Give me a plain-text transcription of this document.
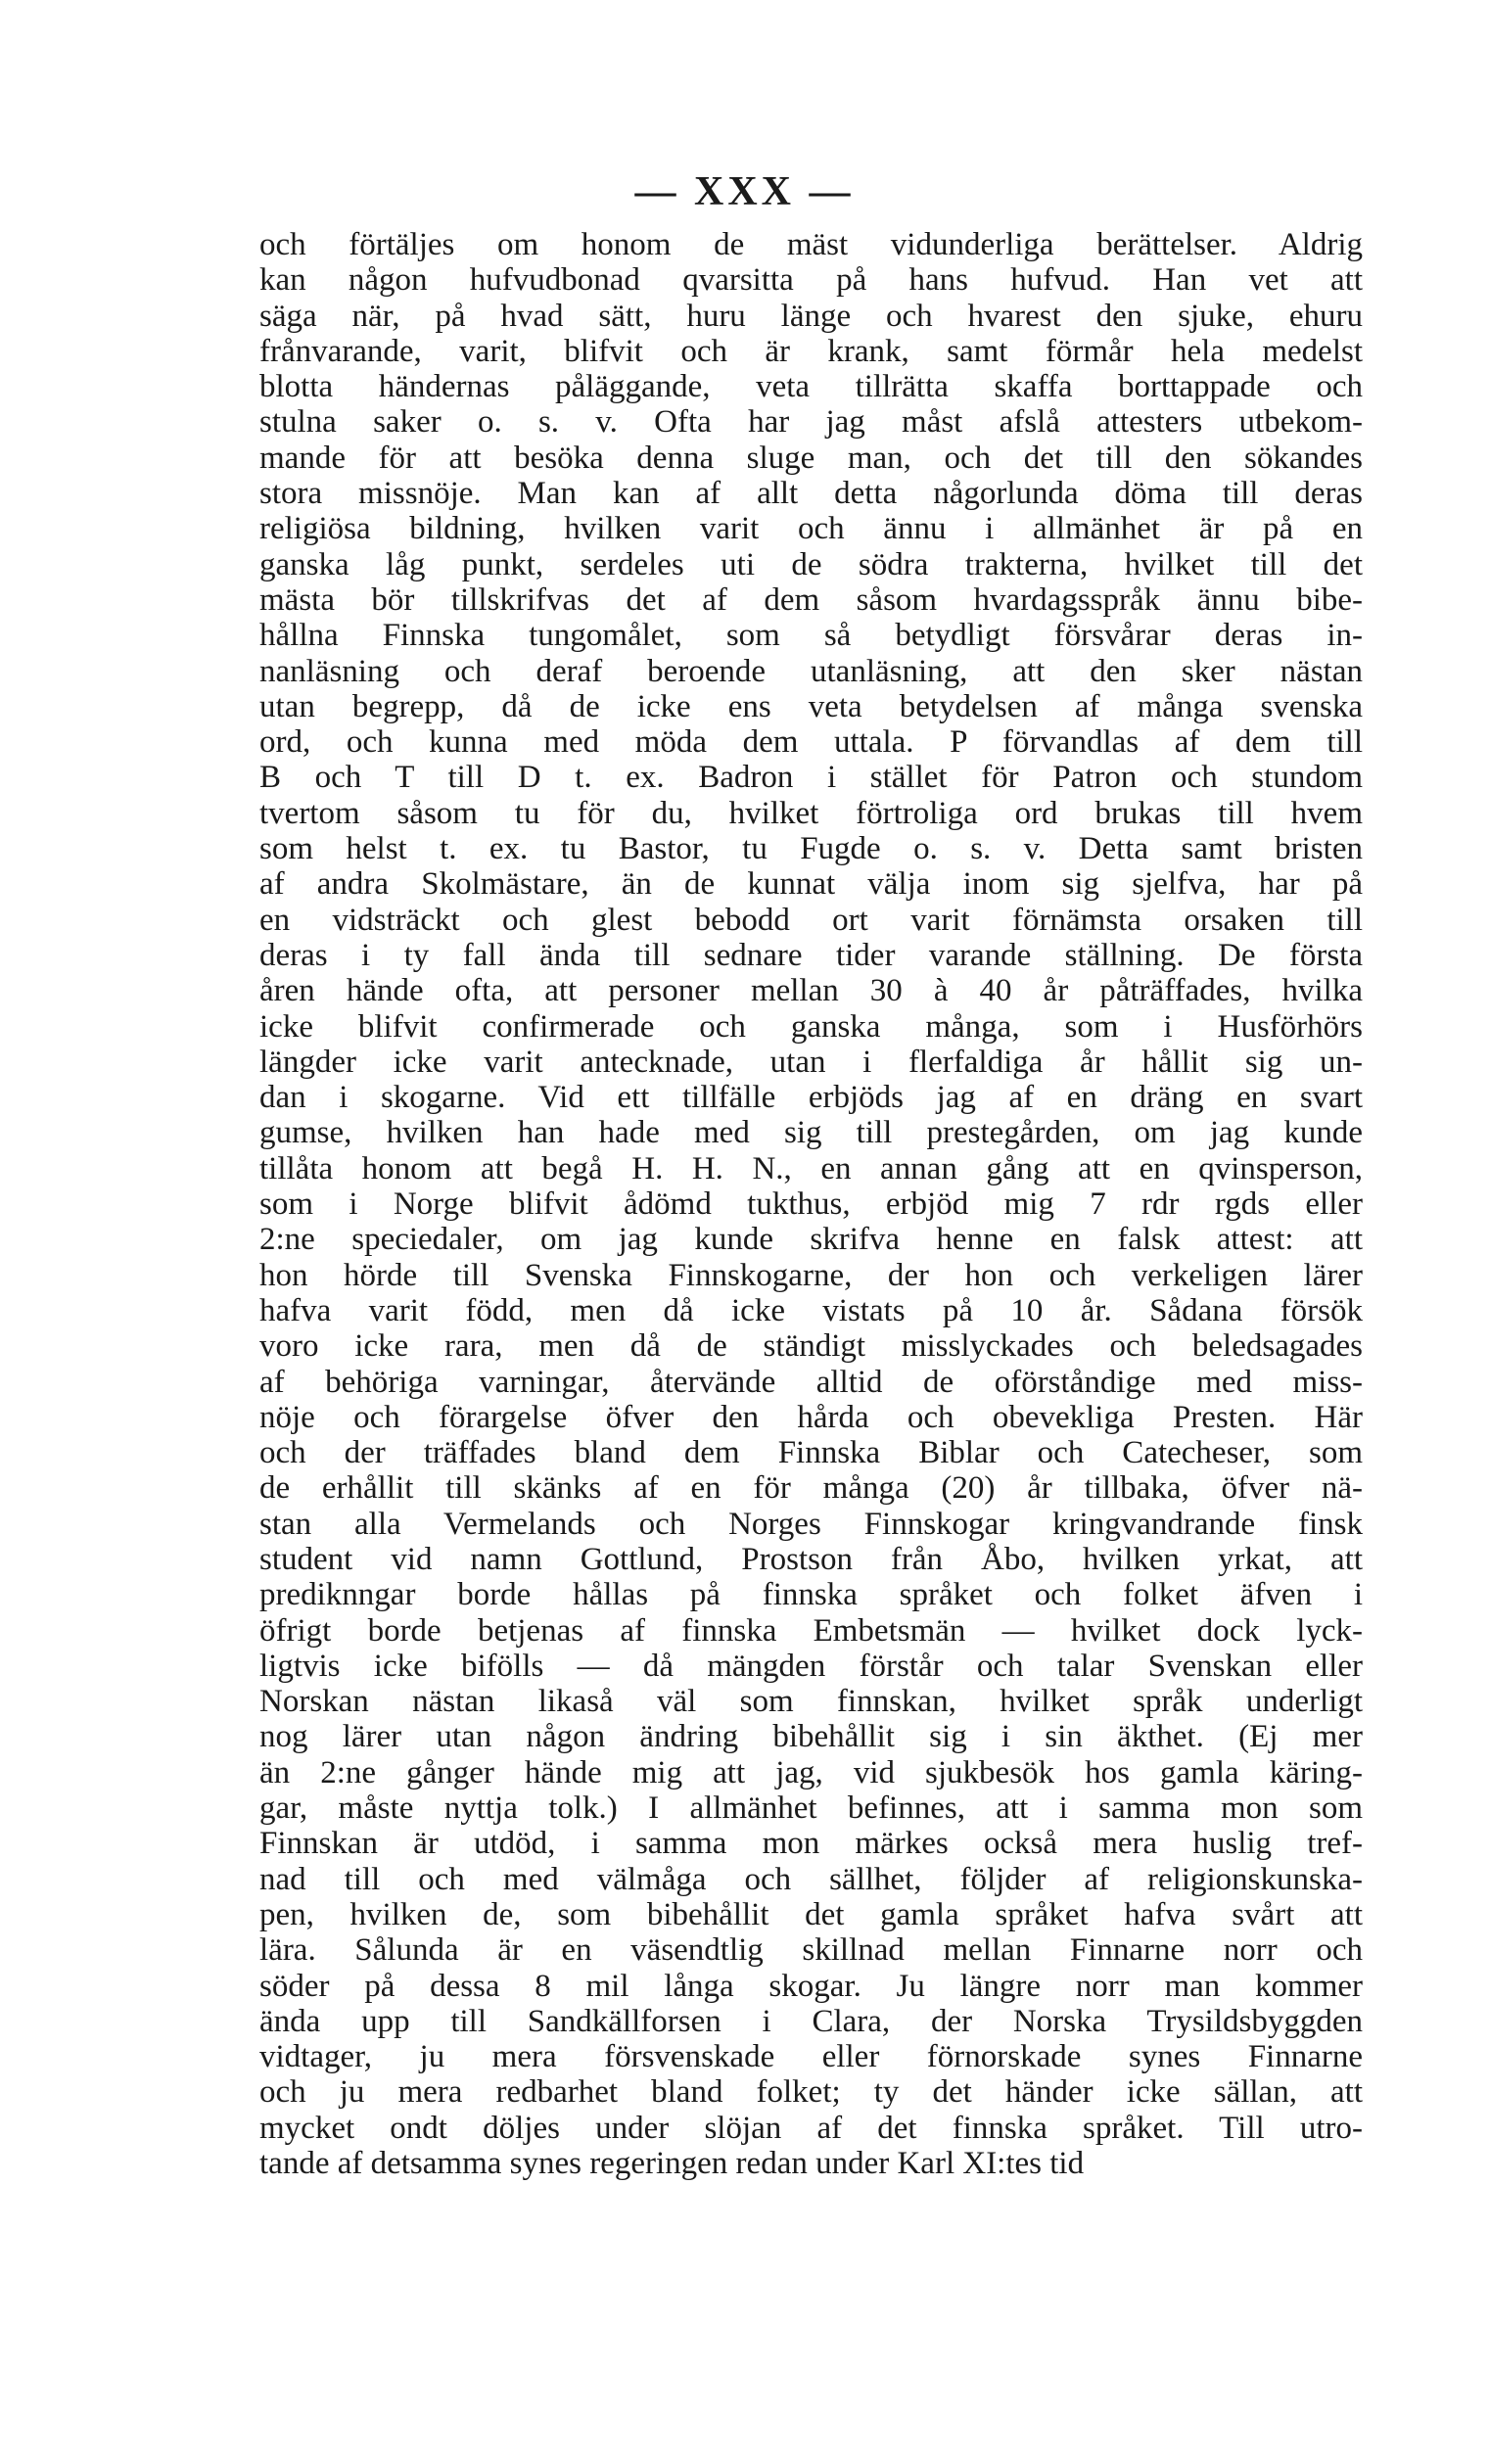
— XXX —
och förtäljes om honom de mäst vidunderliga berättelser. Aldrig
kan någon hufvudbonad qvarsitta på hans hufvud. Han vet att
säga när, på hvad sätt, huru länge och hvarest den sjuke, ehuru
frånvarande, varit, blifvit och är krank, samt förmår hela medelst
blotta händernas påläggande, veta tillrätta skaffa borttappade och
stulna saker o. s. v. Ofta har jag måst afslå attesters utbekom-
mande för att besöka denna sluge man, och det till den sökandes
stora missnöje. Man kan af allt detta någorlunda döma till deras
religiösa bildning, hvilken varit och ännu i allmänhet är på en
ganska låg punkt, serdeles uti de södra trakterna, hvilket till det
mästa bör tillskrifvas det af dem såsom hvardagsspråk ännu bibe-
hållna Finnska tungomålet, som så betydligt försvårar deras in-
nanläsning och deraf beroende utanläsning, att den sker nästan
utan begrepp, då de icke ens veta betydelsen af många svenska
ord, och kunna med möda dem uttala. P förvandlas af dem till
B och T till D t. ex. Badron i stället för Patron och stundom
tvertom såsom tu för du, hvilket förtroliga ord brukas till hvem
som helst t. ex. tu Bastor, tu Fugde o. s. v. Detta samt bristen
af andra Skolmästare, än de kunnat välja inom sig sjelfva, har på
en vidsträckt och glest bebodd ort varit förnämsta orsaken till
deras i ty fall ända till sednare tider varande ställning. De första
åren hände ofta, att personer mellan 30 à 40 år påträffades, hvilka
icke blifvit confirmerade och ganska många, som i Husförhörs
längder icke varit antecknade, utan i flerfaldiga år hållit sig un-
dan i skogarne. Vid ett tillfälle erbjöds jag af en dräng en svart
gumse, hvilken han hade med sig till prestegården, om jag kunde
tillåta honom att begå H. H. N., en annan gång att en qvinsperson,
som i Norge blifvit ådömd tukthus, erbjöd mig 7 rdr rgds eller
2:ne speciedaler, om jag kunde skrifva henne en falsk attest: att
hon hörde till Svenska Finnskogarne, der hon och verkeligen lärer
hafva varit född, men då icke vistats på 10 år. Sådana försök
voro icke rara, men då de ständigt misslyckades och beledsagades
af behöriga varningar, återvände alltid de oförståndige med miss-
nöje och förargelse öfver den hårda och obevekliga Presten. Här
och der träffades bland dem Finnska Biblar och Catecheser, som
de erhållit till skänks af en för många (20) år tillbaka, öfver nä-
stan alla Vermelands och Norges Finnskogar kringvandrande finsk
student vid namn Gottlund, Prostson från Åbo, hvilken yrkat, att
prediknngar borde hållas på finnska språket och folket äfven i
öfrigt borde betjenas af finnska Embetsmän — hvilket dock lyck-
ligtvis icke bifölls — då mängden förstår och talar Svenskan eller
Norskan nästan likaså väl som finnskan, hvilket språk underligt
nog lärer utan någon ändring bibehållit sig i sin äkthet. (Ej mer
än 2:ne gånger hände mig att jag, vid sjukbesök hos gamla käring-
gar, måste nyttja tolk.) I allmänhet befinnes, att i samma mon som
Finnskan är utdöd, i samma mon märkes också mera huslig tref-
nad till och med välmåga och sällhet, följder af religionskunska-
pen, hvilken de, som bibehållit det gamla språket hafva svårt att
lära. Sålunda är en väsendtlig skillnad mellan Finnarne norr och
söder på dessa 8 mil långa skogar. Ju längre norr man kommer
ända upp till Sandkällforsen i Clara, der Norska Trysildsbyggden
vidtager, ju mera försvenskade eller förnorskade synes Finnarne
och ju mera redbarhet bland folket; ty det händer icke sällan, att
mycket ondt döljes under slöjan af det finnska språket. Till utro-
tande af detsamma synes regeringen redan under Karl XI:tes tid
